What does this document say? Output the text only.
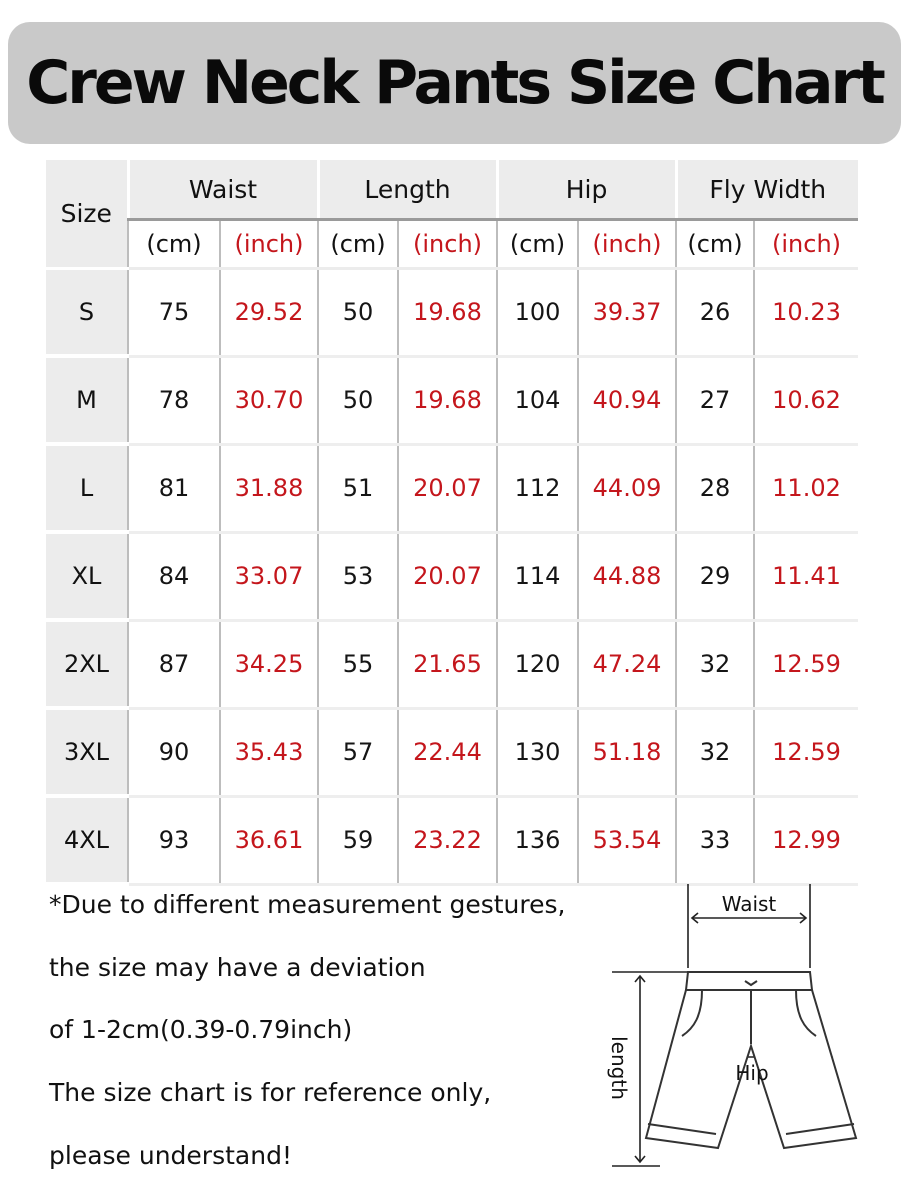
Crew Neck Pants Size Chart
Size	Waist		Length		Hip		Fly Width	
	(cm)	(inch)	(cm)	(inch)	(cm)	(inch)	(cm)	(inch)
S	75	29.52	50	19.68	100	39.37	26	10.23
M	78	30.70	50	19.68	104	40.94	27	10.62
L	81	31.88	51	20.07	112	44.09	28	11.02
XL	84	33.07	53	20.07	114	44.88	29	11.41
2XL	87	34.25	55	21.65	120	47.24	32	12.59
3XL	90	35.43	57	22.44	130	51.18	32	12.59
4XL	93	36.61	59	23.22	136	53.54	33	12.99

*Due to different measurement gestures,

the size may have a deviation

of 1-2cm(0.39-0.79inch)

The size chart is for reference only,

please understand!

Waist
Hip
length
